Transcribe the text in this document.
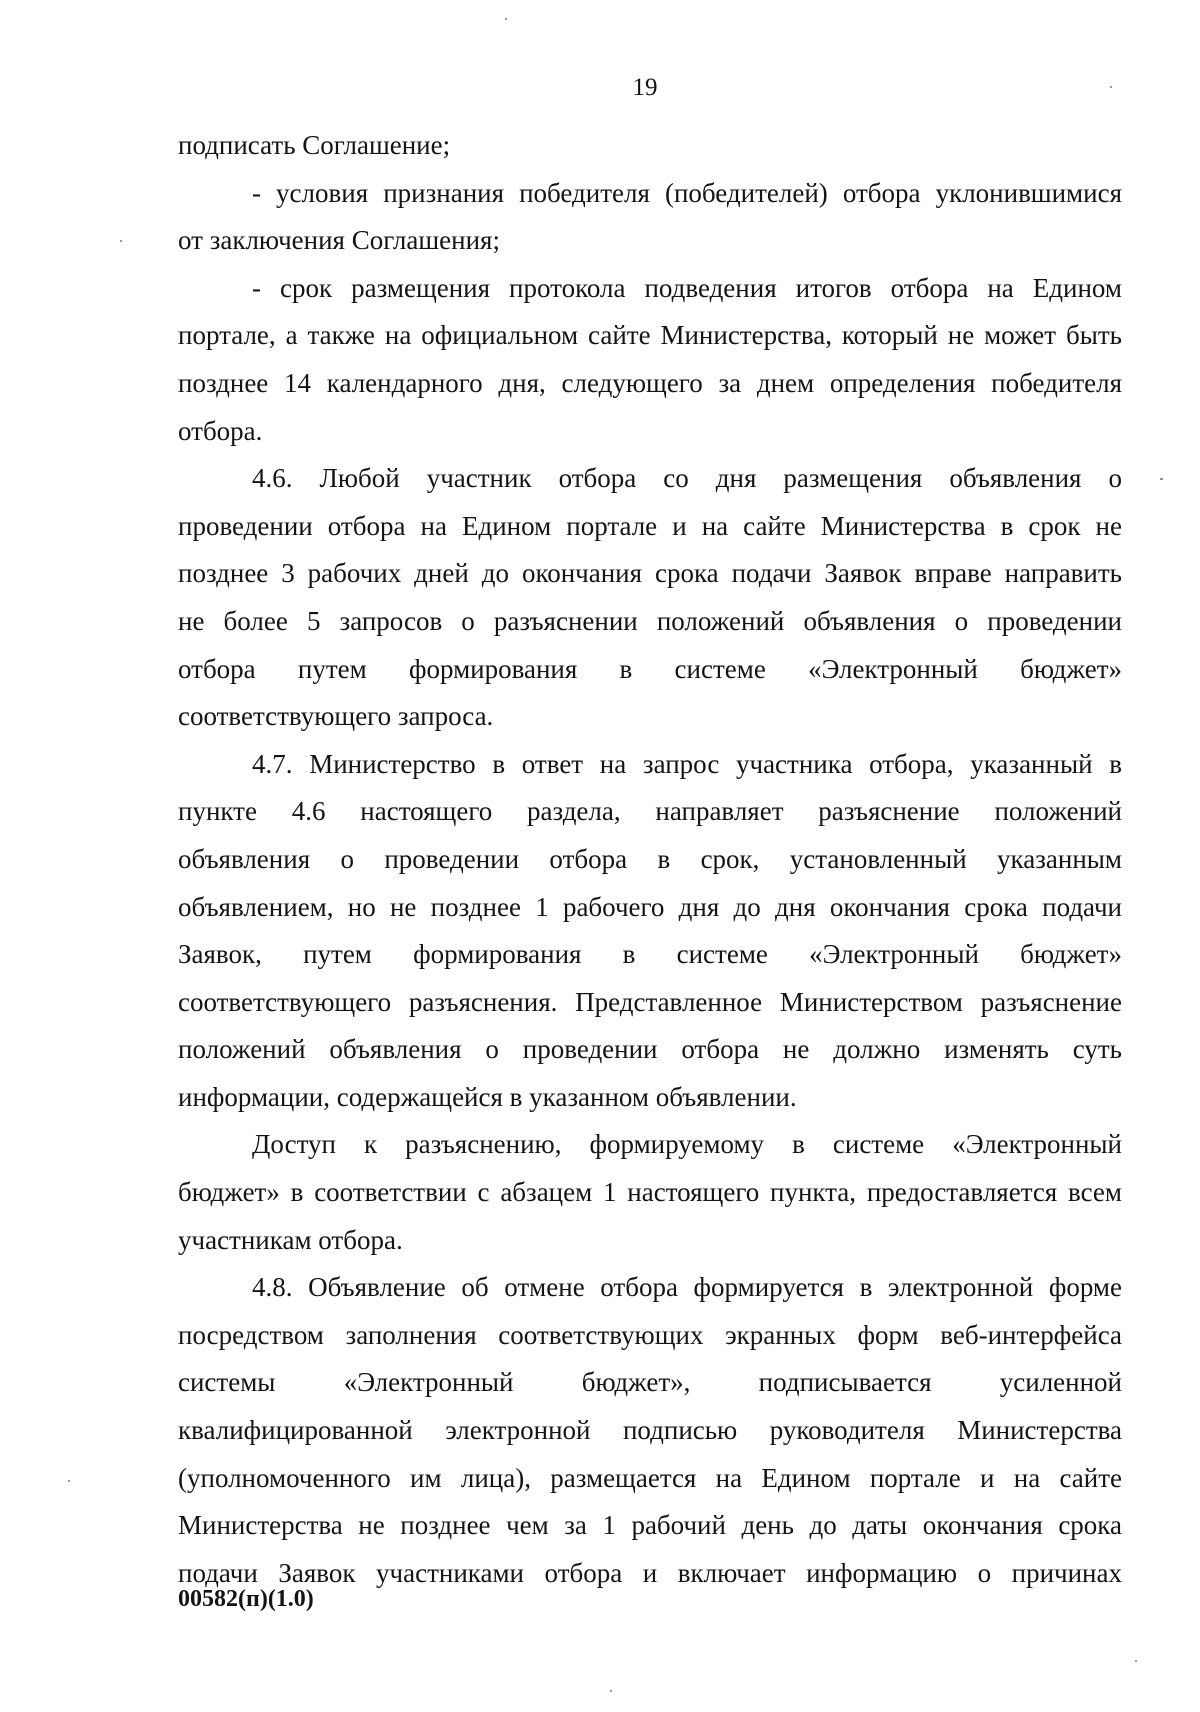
19
подписать Соглашение;
- условия признания победителя (победителей) отбора уклонившимися
от заключения Соглашения;
- срок размещения протокола подведения итогов отбора на Едином
портале, а также на официальном сайте Министерства, который не может быть
позднее 14 календарного дня, следующего за днем определения победителя
отбора.
4.6. Любой участник отбора со дня размещения объявления о
проведении отбора на Едином портале и на сайте Министерства в срок не
позднее 3 рабочих дней до окончания срока подачи Заявок вправе направить
не более 5 запросов о разъяснении положений объявления о проведении
отбора путем формирования в системе «Электронный бюджет»
соответствующего запроса.
4.7. Министерство в ответ на запрос участника отбора, указанный в
пункте 4.6 настоящего раздела, направляет разъяснение положений
объявления о проведении отбора в срок, установленный указанным
объявлением, но не позднее 1 рабочего дня до дня окончания срока подачи
Заявок, путем формирования в системе «Электронный бюджет»
соответствующего разъяснения. Представленное Министерством разъяснение
положений объявления о проведении отбора не должно изменять суть
информации, содержащейся в указанном объявлении.
Доступ к разъяснению, формируемому в системе «Электронный
бюджет» в соответствии с абзацем 1 настоящего пункта, предоставляется всем
участникам отбора.
4.8. Объявление об отмене отбора формируется в электронной форме
посредством заполнения соответствующих экранных форм веб-интерфейса
системы «Электронный бюджет», подписывается усиленной
квалифицированной электронной подписью руководителя Министерства
(уполномоченного им лица), размещается на Едином портале и на сайте
Министерства не позднее чем за 1 рабочий день до даты окончания срока
подачи Заявок участниками отбора и включает информацию о причинах
00582(п)(1.0)
